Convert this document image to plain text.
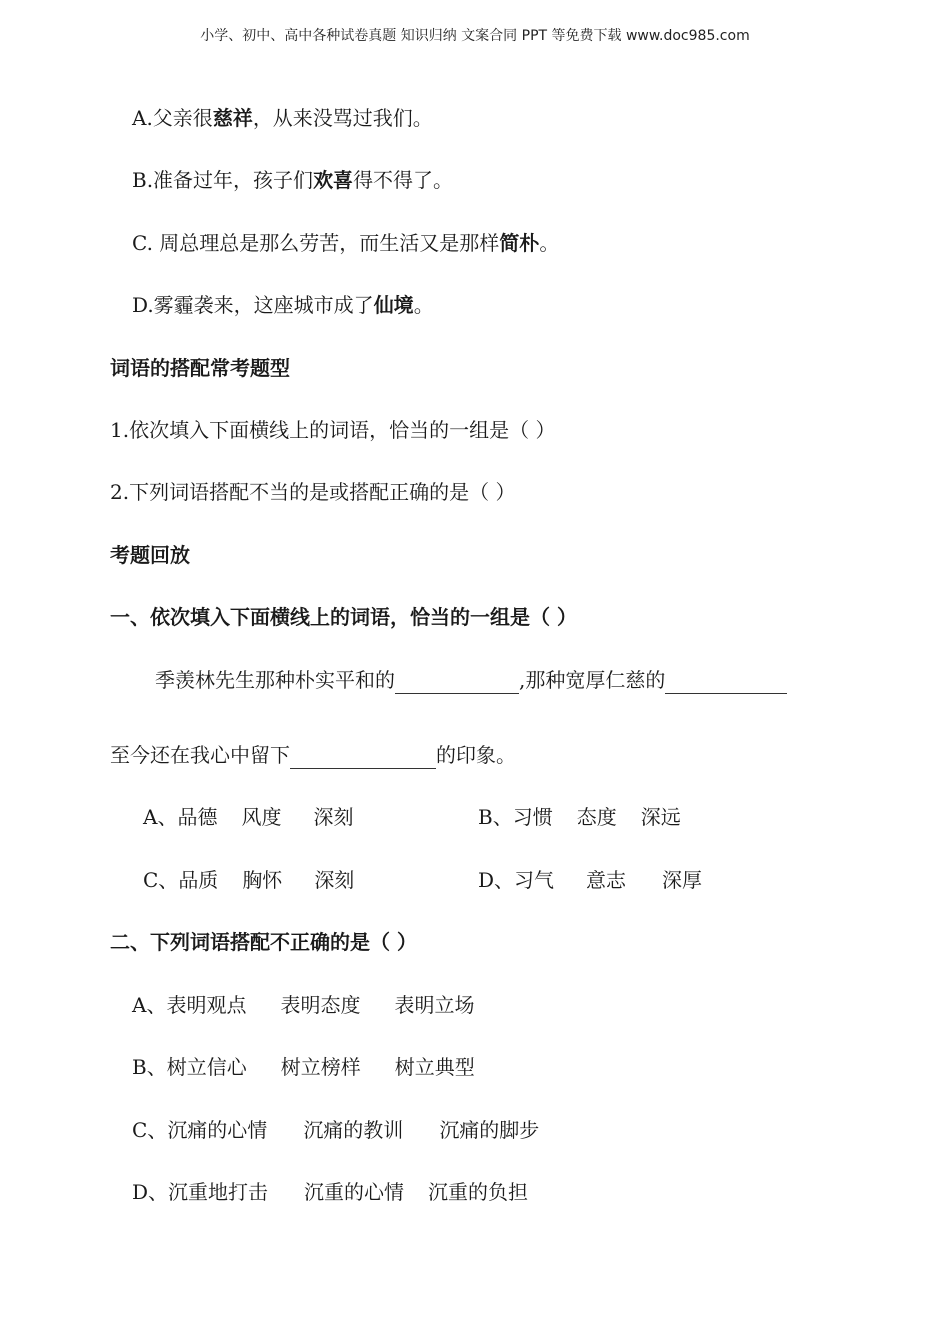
小学、初中、高中各种试卷真题 知识归纳 文案合同 PPT 等免费下载 www.doc985.com
A.父亲很慈祥，从来没骂过我们。
B.准备过年，孩子们欢喜得不得了。
C. 周总理总是那么劳苦，而生活又是那样简朴。
D.雾霾袭来，这座城市成了仙境。
词语的搭配常考题型
1.依次填入下面横线上的词语，恰当的一组是（ ）
2.下列词语搭配不当的是或搭配正确的是（ ）
考题回放
一、依次填入下面横线上的词语，恰当的一组是（ ）
季羡林先生那种朴实平和的	,那种宽厚仁慈的
至今还在我心中留下	的印象。
A、品德 风度 深刻	B、习惯 态度 深远
C、品质 胸怀 深刻	D、习气 意志 深厚
二、下列词语搭配不正确的是（ ）
A、表明观点 表明态度 表明立场
B、树立信心 树立榜样 树立典型
C、沉痛的心情 沉痛的教训 沉痛的脚步
D、沉重地打击 沉重的心情 沉重的负担
